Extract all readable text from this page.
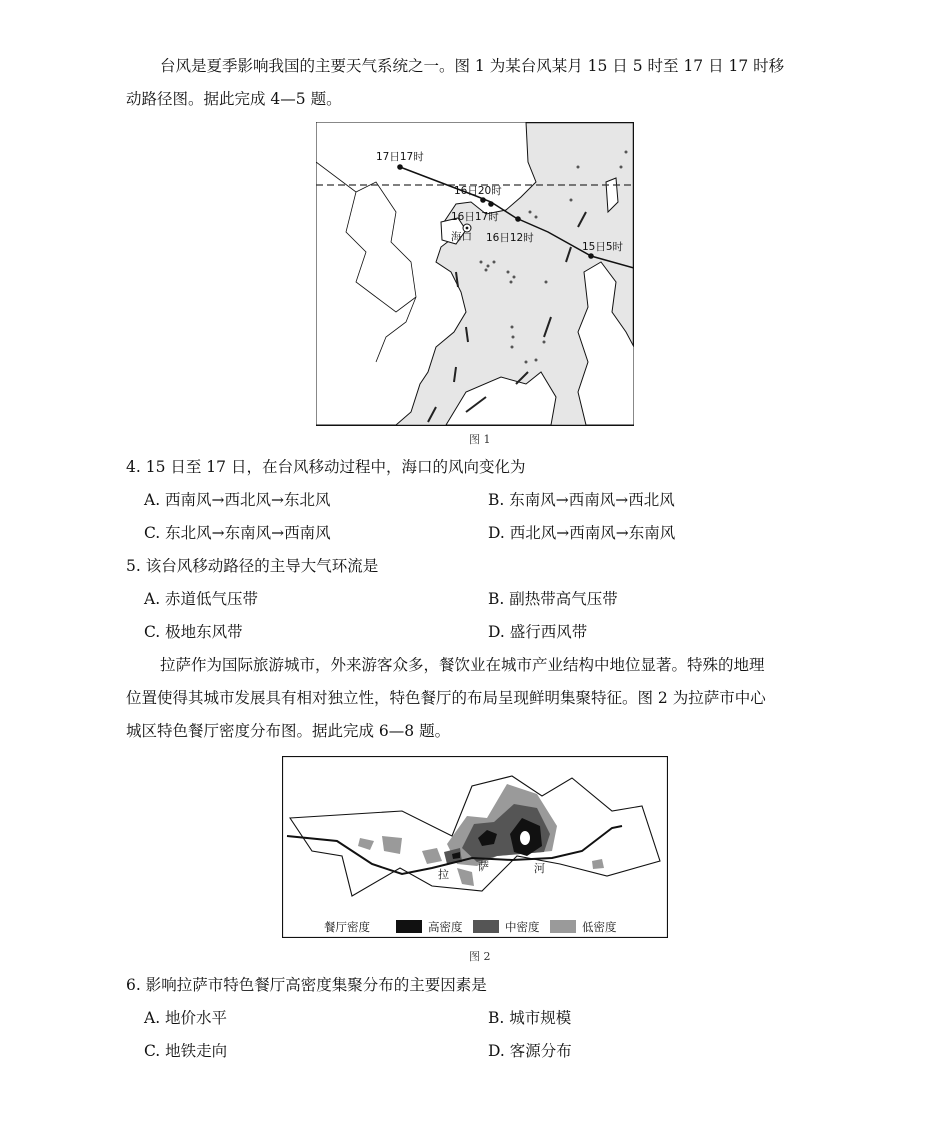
台风是夏季影响我国的主要天气系统之一。图 1 为某台风某月 15 日 5 时至 17 日 17 时移
动路径图。据此完成 4—5 题。
17日17时
16日20时
16日17时
海口 16日12时
15日5时
图 1
4. 15 日至 17 日，在台风移动过程中，海口的风向变化为
A. 西南风→西北风→东北风	B. 东南风→西南风→西北风
C. 东北风→东南风→西南风	D. 西北风→西南风→东南风
5. 该台风移动路径的主导大气环流是
A. 赤道低气压带	B. 副热带高气压带
C. 极地东风带	D. 盛行西风带
拉萨作为国际旅游城市，外来游客众多，餐饮业在城市产业结构中地位显著。特殊的地理
位置使得其城市发展具有相对独立性，特色餐厅的布局呈现鲜明集聚特征。图 2 为拉萨市中心
城区特色餐厅密度分布图。据此完成 6—8 题。
拉
萨	河
餐厅密度	高密度	中密度	低密度
图 2
6. 影响拉萨市特色餐厅高密度集聚分布的主要因素是
A. 地价水平	B. 城市规模
C. 地铁走向	D. 客源分布
